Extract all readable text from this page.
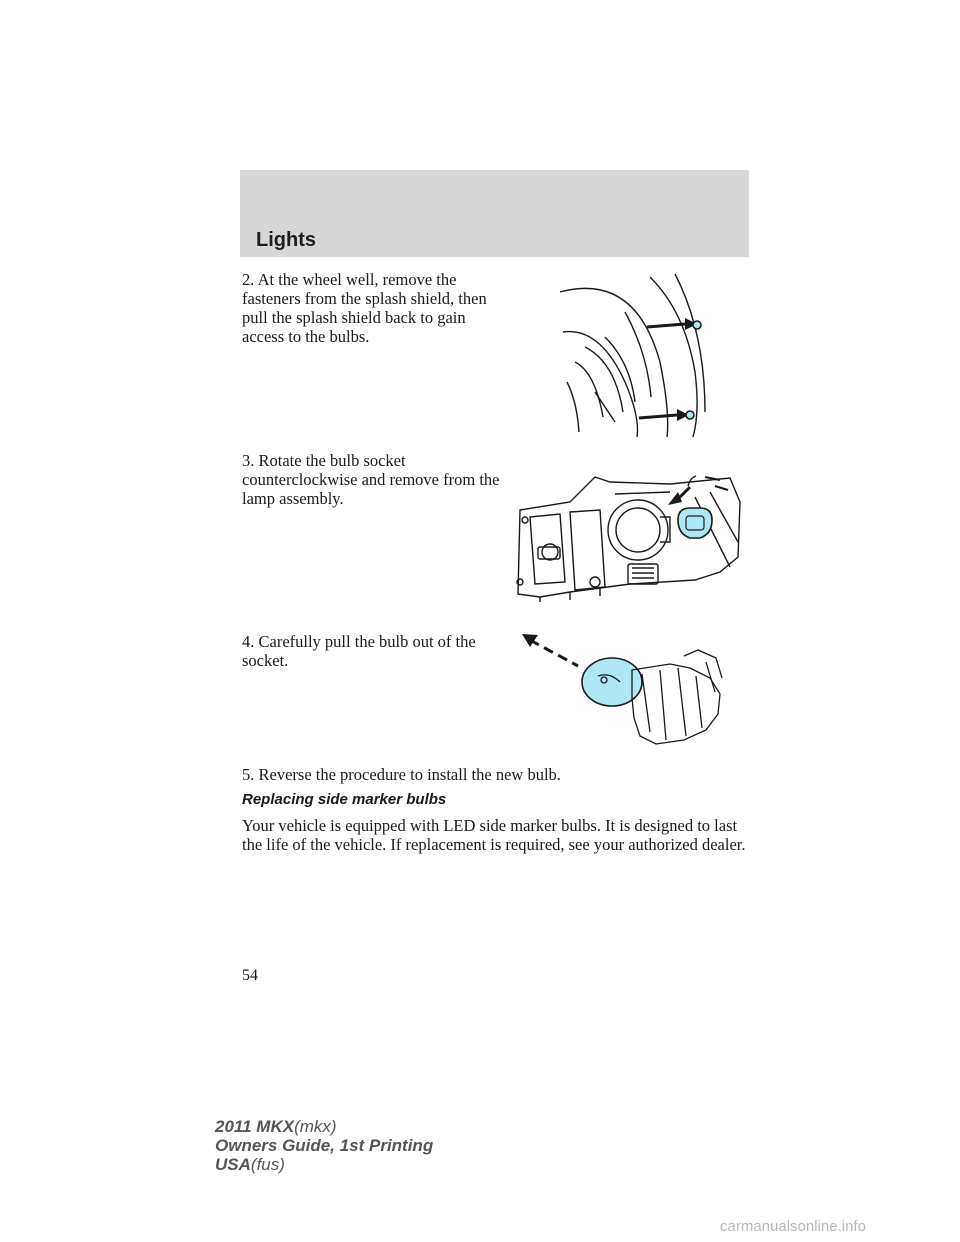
Lights

2. At the wheel well, remove the fasteners from the splash shield, then pull the splash shield back to gain access to the bulbs.

3. Rotate the bulb socket counterclockwise and remove from the lamp assembly.

4. Carefully pull the bulb out of the socket.

5. Reverse the procedure to install the new bulb.

Replacing side marker bulbs

Your vehicle is equipped with LED side marker bulbs. It is designed to last the life of the vehicle. If replacement is required, see your authorized dealer.

54

2011 MKX(mkx)
Owners Guide, 1st Printing
USA(fus)
carmanualsonline.info
